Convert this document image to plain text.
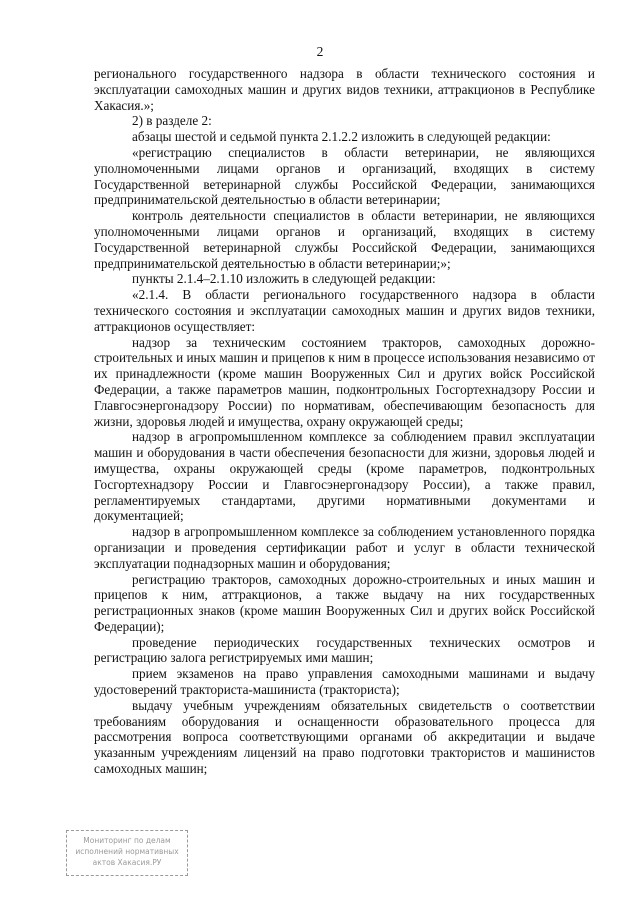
2

регионального государственного надзора в области технического состояния и эксплуатации самоходных машин и других видов техники, аттракционов в Республике Хакасия.»;

2) в разделе 2:

абзацы шестой и седьмой пункта 2.1.2.2 изложить в следующей редакции:

«регистрацию специалистов в области ветеринарии, не являющихся уполномоченными лицами органов и организаций, входящих в систему Государственной ветеринарной службы Российской Федерации, занимающихся предпринимательской деятельностью в области ветеринарии;

контроль деятельности специалистов в области ветеринарии, не являющихся уполномоченными лицами органов и организаций, входящих в систему Государственной ветеринарной службы Российской Федерации, занимающихся предпринимательской деятельностью в области ветеринарии;»;

пункты 2.1.4–2.1.10 изложить в следующей редакции:

«2.1.4. В области регионального государственного надзора в области технического состояния и эксплуатации самоходных машин и других видов техники, аттракционов осуществляет:

надзор за техническим состоянием тракторов, самоходных дорожно-строительных и иных машин и прицепов к ним в процессе использования независимо от их принадлежности (кроме машин Вооруженных Сил и других войск Российской Федерации, а также параметров машин, подконтрольных Госгортехнадзору России и Главгосэнергонадзору России) по нормативам, обеспечивающим безопасность для жизни, здоровья людей и имущества, охрану окружающей среды;

надзор в агропромышленном комплексе за соблюдением правил эксплуатации машин и оборудования в части обеспечения безопасности для жизни, здоровья людей и имущества, охраны окружающей среды (кроме параметров, подконтрольных Госгортехнадзору России и Главгосэнергонадзору России), а также правил, регламентируемых стандартами, другими нормативными документами и документацией;

надзор в агропромышленном комплексе за соблюдением установленного порядка организации и проведения сертификации работ и услуг в области технической эксплуатации поднадзорных машин и оборудования;

регистрацию тракторов, самоходных дорожно-строительных и иных машин и прицепов к ним, аттракционов, а также выдачу на них государственных регистрационных знаков (кроме машин Вооруженных Сил и других войск Российской Федерации);

проведение периодических государственных технических осмотров и регистрацию залога регистрируемых ими машин;

прием экзаменов на право управления самоходными машинами и выдачу удостоверений тракториста-машиниста (тракториста);

выдачу учебным учреждениям обязательных свидетельств о соответствии требованиям оборудования и оснащенности образовательного процесса для рассмотрения вопроса соответствующими органами об аккредитации и выдаче указанным учреждениям лицензий на право подготовки трактористов и машинистов самоходных машин;

Мониторинг по делам
исполнений нормативных
актов Хакасия.РУ
